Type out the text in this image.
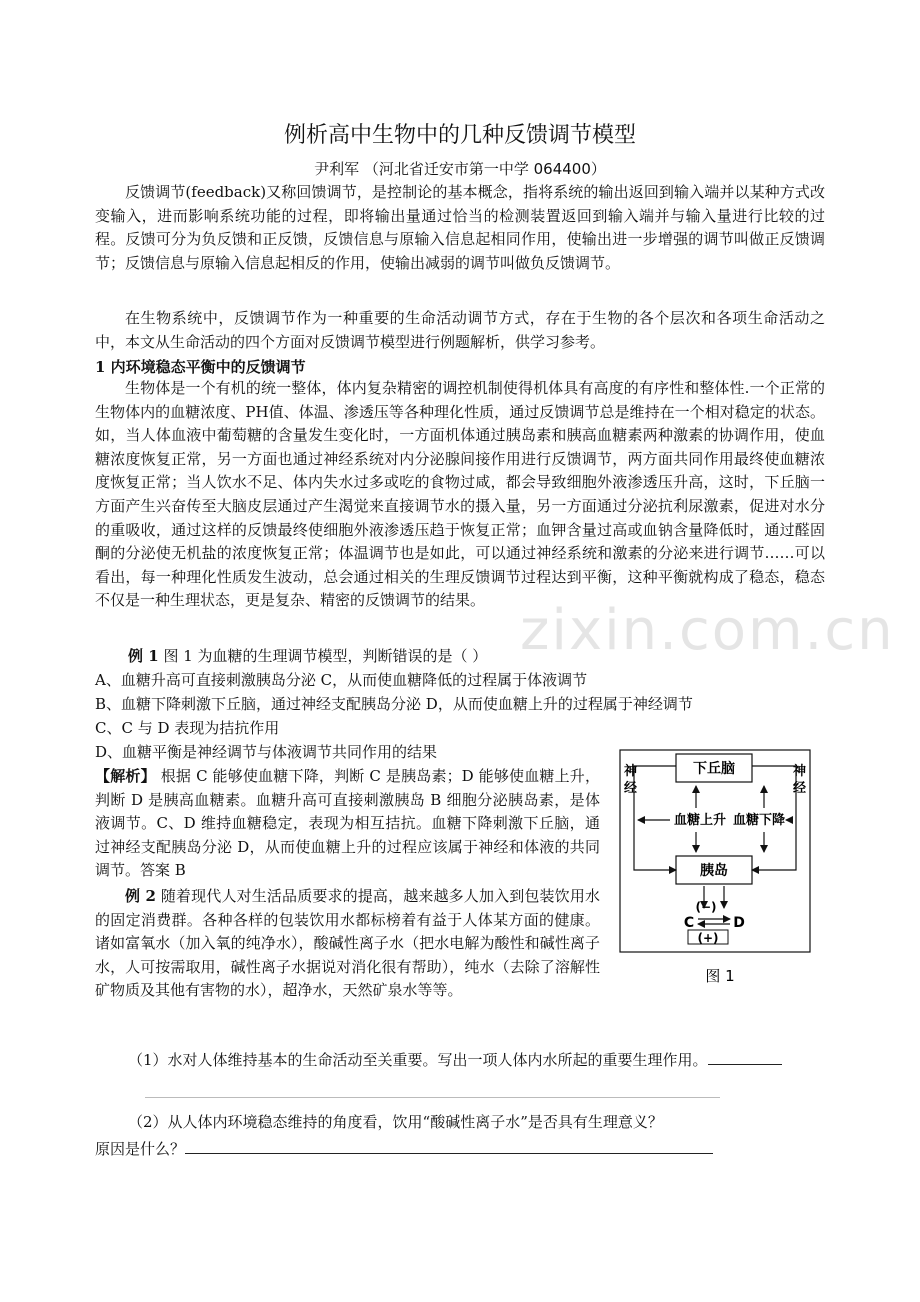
例析高中生物中的几种反馈调节模型
尹利军 （河北省迁安市第一中学 064400）

反馈调节(feedback)又称回馈调节，是控制论的基本概念，指将系统的输出返回到输入端并以某种方式改变输入，进而影响系统功能的过程，即将输出量通过恰当的检测装置返回到输入端并与输入量进行比较的过程。反馈可分为负反馈和正反馈，反馈信息与原输入信息起相同作用，使输出进一步增强的调节叫做正反馈调节；反馈信息与原输入信息起相反的作用，使输出减弱的调节叫做负反馈调节。

在生物系统中，反馈调节作为一种重要的生命活动调节方式，存在于生物的各个层次和各项生命活动之中，本文从生命活动的四个方面对反馈调节模型进行例题解析，供学习参考。

1 内环境稳态平衡中的反馈调节

生物体是一个有机的统一整体，体内复杂精密的调控机制使得机体具有高度的有序性和整体性.一个正常的生物体内的血糖浓度、PH值、体温、渗透压等各种理化性质，通过反馈调节总是维持在一个相对稳定的状态。如，当人体血液中葡萄糖的含量发生变化时，一方面机体通过胰岛素和胰高血糖素两种激素的协调作用，使血糖浓度恢复正常，另一方面也通过神经系统对内分泌腺间接作用进行反馈调节，两方面共同作用最终使血糖浓度恢复正常；当人饮水不足、体内失水过多或吃的食物过咸，都会导致细胞外液渗透压升高，这时，下丘脑一方面产生兴奋传至大脑皮层通过产生渴觉来直接调节水的摄入量，另一方面通过分泌抗利尿激素，促进对水分的重吸收，通过这样的反馈最终使细胞外液渗透压趋于恢复正常；血钾含量过高或血钠含量降低时，通过醛固酮的分泌使无机盐的浓度恢复正常；体温调节也是如此，可以通过神经系统和激素的分泌来进行调节……可以看出，每一种理化性质发生波动，总会通过相关的生理反馈调节过程达到平衡，这种平衡就构成了稳态，稳态不仅是一种生理状态，更是复杂、精密的反馈调节的结果。

例 1 图 1 为血糖的生理调节模型，判断错误的是（ ）

A、血糖升高可直接刺激胰岛分泌 C，从而使血糖降低的过程属于体液调节

B、血糖下降刺激下丘脑，通过神经支配胰岛分泌 D，从而使血糖上升的过程属于神经调节

C、C 与 D 表现为拮抗作用

D、血糖平衡是神经调节与体液调节共同作用的结果

【解析】 根据 C 能够使血糖下降，判断 C 是胰岛素；D 能够使血糖上升，判断 D 是胰高血糖素。血糖升高可直接刺激胰岛 B 细胞分泌胰岛素，是体液调节。C、D 维持血糖稳定，表现为相互拮抗。血糖下降刺激下丘脑，通过神经支配胰岛分泌 D，从而使血糖上升的过程应该属于神经和体液的共同调节。答案 B

例 2 随着现代人对生活品质要求的提高，越来越多人加入到包装饮用水的固定消费群。各种各样的包装饮用水都标榜着有益于人体某方面的健康。诸如富氧水（加入氧的纯净水），酸碱性离子水（把水电解为酸性和碱性离子水，人可按需取用，碱性离子水据说对消化很有帮助），纯水（去除了溶解性矿物质及其他有害物的水），超净水，天然矿泉水等等。

（1）水对人体维持基本的生命活动至关重要。写出一项人体内水所起的重要生理作用。

（2）从人体内环境稳态维持的角度看，饮用“酸碱性离子水”是否具有生理意义？

原因是什么？

下丘脑
胰岛
神
经
神
经
血糖上升 血糖下降
(−)
C	D
(+)
图 1
zixin.com.cn
